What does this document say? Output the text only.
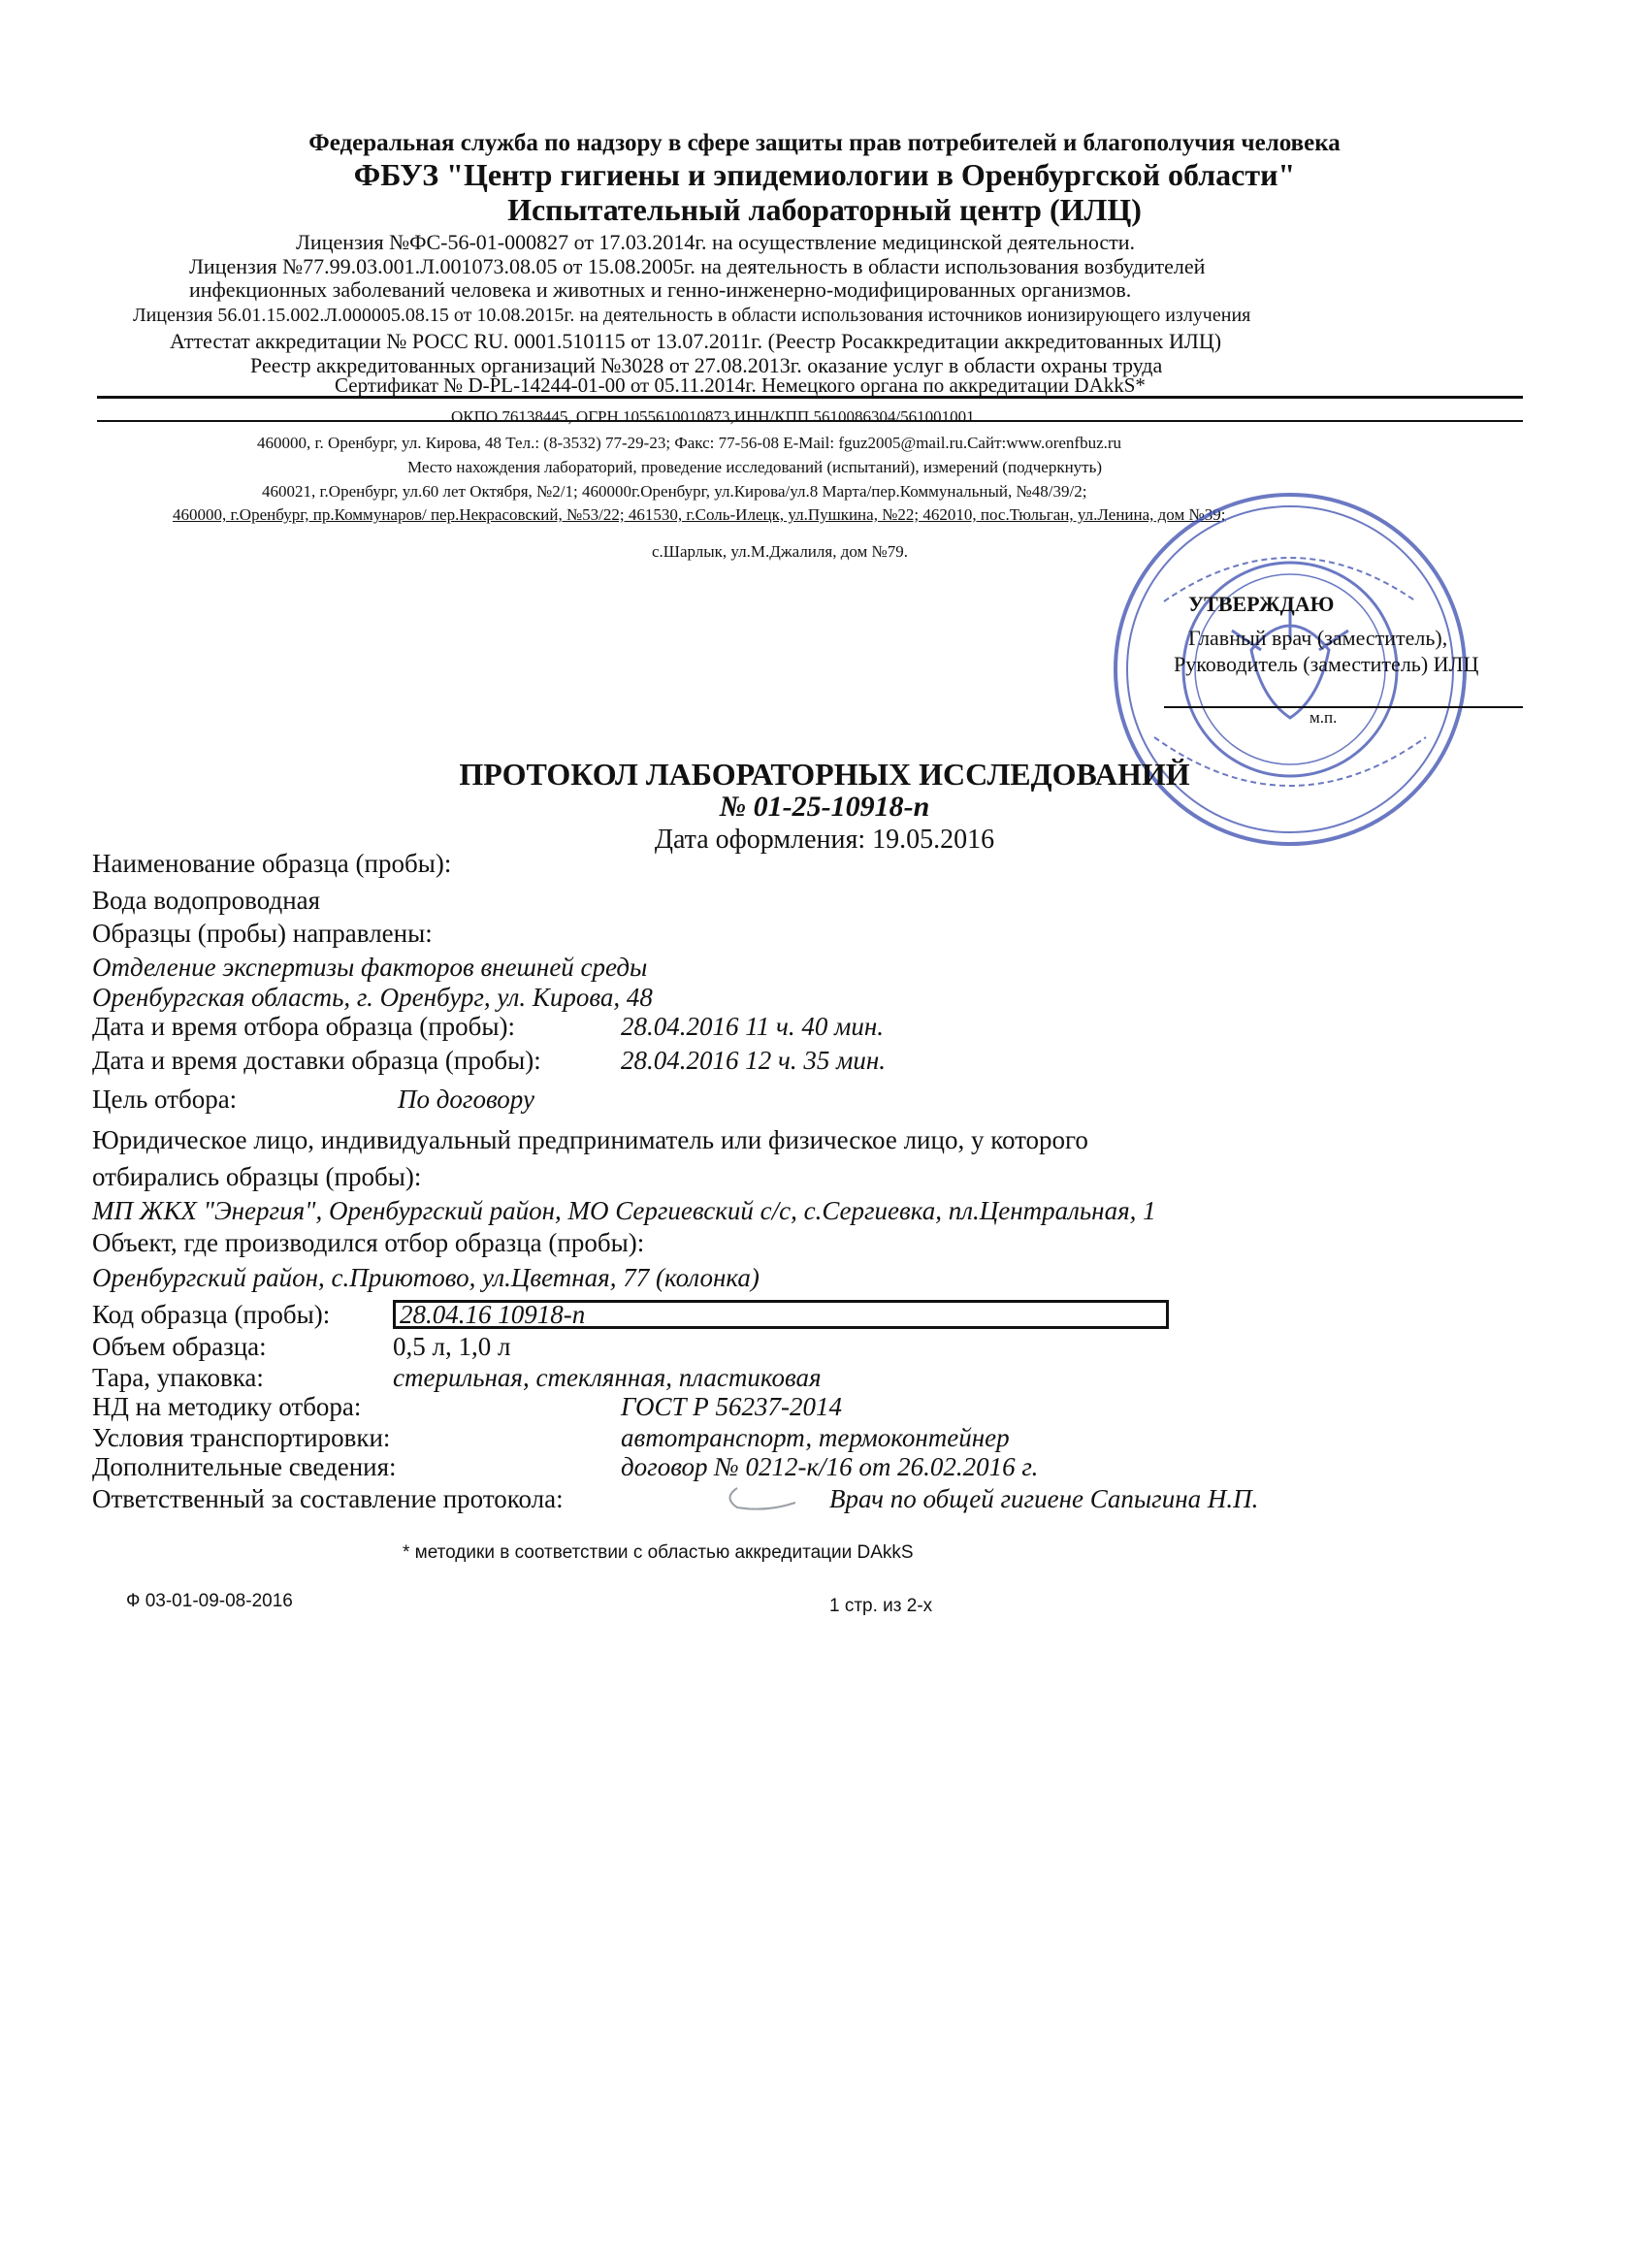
Федеральная служба по надзору в сфере защиты прав потребителей и благополучия человека
ФБУЗ "Центр гигиены и эпидемиологии в Оренбургской области"
Испытательный лабораторный центр (ИЛЦ)
Лицензия №ФС-56-01-000827 от 17.03.2014г. на осуществление медицинской деятельности.
Лицензия №77.99.03.001.Л.001073.08.05 от 15.08.2005г. на деятельность в области использования возбудителей
инфекционных заболеваний человека и животных и генно-инженерно-модифицированных организмов.
Лицензия 56.01.15.002.Л.000005.08.15 от 10.08.2015г. на деятельность в области использования источников ионизирующего излучения
Аттестат аккредитации № РОСС RU. 0001.510115 от 13.07.2011г. (Реестр Росаккредитации аккредитованных ИЛЦ)
Реестр аккредитованных организаций №3028 от 27.08.2013г. оказание услуг в области охраны труда
Сертификат № D-PL-14244-01-00 от 05.11.2014г. Немецкого органа по аккредитации DAkkS*
ОКПО 76138445, ОГРН 1055610010873,ИНН/КПП 5610086304/561001001
460000, г. Оренбург, ул. Кирова, 48 Тел.: (8-3532) 77-29-23; Факс: 77-56-08 E-Mail: fguz2005@mail.ru.Сайт:www.orenfbuz.ru
Место нахождения лабораторий, проведение исследований (испытаний), измерений (подчеркнуть)
460021, г.Оренбург, ул.60 лет Октября, №2/1; 460000г.Оренбург, ул.Кирова/ул.8 Марта/пер.Коммунальный, №48/39/2;
460000, г.Оренбург, пр.Коммунаров/ пер.Некрасовский, №53/22; 461530, г.Соль-Илецк, ул.Пушкина, №22; 462010, пос.Тюльган, ул.Ленина, дом №39;
с.Шарлык, ул.М.Джалиля, дом №79.
УТВЕРЖДАЮ
Главный врач (заместитель),
Руководитель (заместитель) ИЛЦ
м.п.
ПРОТОКОЛ ЛАБОРАТОРНЫХ ИССЛЕДОВАНИЙ
№ 01-25-10918-п
Дата оформления: 19.05.2016
Наименование образца (пробы):
Вода водопроводная
Образцы (пробы) направлены:
Отделение экспертизы факторов внешней среды
Оренбургская область, г. Оренбург, ул. Кирова, 48
Дата и время отбора образца (пробы):	28.04.2016 11 ч. 40 мин.
Дата и время доставки образца (пробы):	28.04.2016 12 ч. 35 мин.
Цель отбора:	По договору
Юридическое лицо, индивидуальный предприниматель или физическое лицо, у которого
отбирались образцы (пробы):
МП ЖКХ "Энергия", Оренбургский район, МО Сергиевский с/с, с.Сергиевка, пл.Центральная, 1
Объект, где производился отбор образца (пробы):
Оренбургский район, с.Приютово, ул.Цветная, 77 (колонка)
Код образца (пробы):	28.04.16 10918-п
Объем образца:	0,5 л, 1,0 л
Тара, упаковка:	стерильная, стеклянная, пластиковая
НД на методику отбора:	ГОСТ Р 56237-2014
Условия транспортировки:	автотранспорт, термоконтейнер
Дополнительные сведения:	договор № 0212-к/16 от 26.02.2016 г.
Ответственный за составление протокола:	Врач по общей гигиене Сапыгина Н.П.
* методики в соответствии с областью аккредитации DAkkS
Ф 03-01-09-08-2016	1 стр. из 2-х
